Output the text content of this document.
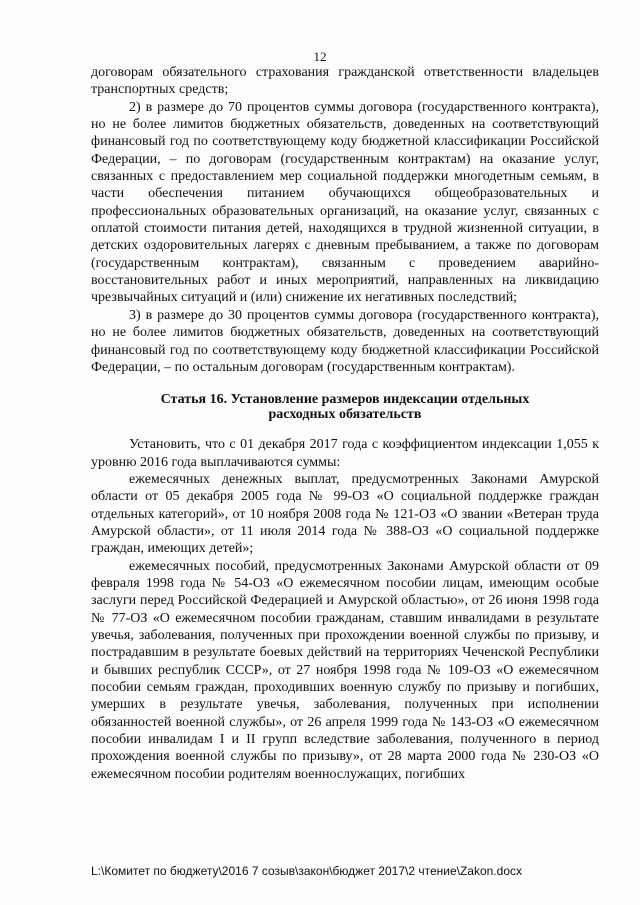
12

договорам обязательного страхования гражданской ответственности владельцев транспортных средств;

2) в размере до 70 процентов суммы договора (государственного контракта), но не более лимитов бюджетных обязательств, доведенных на соответствующий финансовый год по соответствующему коду бюджетной классификации Российской Федерации, – по договорам (государственным контрактам) на оказание услуг, связанных с предоставлением мер социальной поддержки многодетным семьям, в части обеспечения питанием обучающихся общеобразовательных и профессиональных образовательных организаций, на оказание услуг, связанных с оплатой стоимости питания детей, находящихся в трудной жизненной ситуации, в детских оздоровительных лагерях с дневным пребыванием, а также по договорам (государственным контрактам), связанным с проведением аварийно-восстановительных работ и иных мероприятий, направленных на ликвидацию чрезвычайных ситуаций и (или) снижение их негативных последствий;

3) в размере до 30 процентов суммы договора (государственного контракта), но не более лимитов бюджетных обязательств, доведенных на соответствующий финансовый год по соответствующему коду бюджетной классификации Российской Федерации, – по остальным договорам (государственным контрактам).

Статья 16. Установление размеров индексации отдельных расходных обязательств

Установить, что с 01 декабря 2017 года с коэффициентом индексации 1,055 к уровню 2016 года выплачиваются суммы:

ежемесячных денежных выплат, предусмотренных Законами Амурской области от 05 декабря 2005 года № 99-ОЗ «О социальной поддержке граждан отдельных категорий», от 10 ноября 2008 года № 121-ОЗ «О звании «Ветеран труда Амурской области», от 11 июля 2014 года № 388-ОЗ «О социальной поддержке граждан, имеющих детей»;

ежемесячных пособий, предусмотренных Законами Амурской области от 09 февраля 1998 года № 54-ОЗ «О ежемесячном пособии лицам, имеющим особые заслуги перед Российской Федерацией и Амурской областью», от 26 июня 1998 года № 77-ОЗ «О ежемесячном пособии гражданам, ставшим инвалидами в результате увечья, заболевания, полученных при прохождении военной службы по призыву, и пострадавшим в результате боевых действий на территориях Чеченской Республики и бывших республик СССР», от 27 ноября 1998 года № 109-ОЗ «О ежемесячном пособии семьям граждан, проходивших военную службу по призыву и погибших, умерших в результате увечья, заболевания, полученных при исполнении обязанностей военной службы», от 26 апреля 1999 года № 143-ОЗ «О ежемесячном пособии инвалидам I и II групп вследствие заболевания, полученного в период прохождения военной службы по призыву», от 28 марта 2000 года № 230-ОЗ «О ежемесячном пособии родителям военнослужащих, погибших

L:\Комитет по бюджету\2016 7 созыв\закон\бюджет 2017\2 чтение\Zakon.docx
